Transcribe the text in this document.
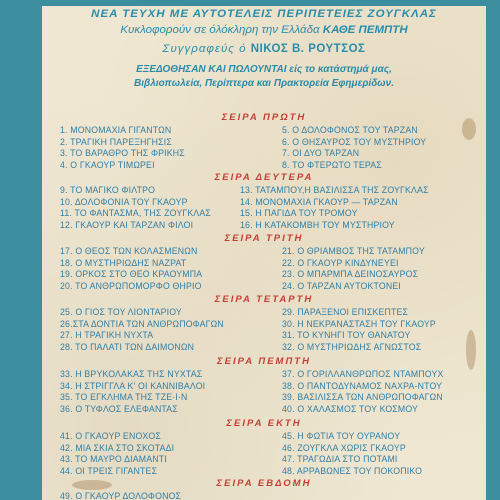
ΝΕΑ ΤΕΥΧΗ ΜΕ ΑΥΤΟΤΕΛΕΙΣ ΠΕΡΙΠΕΤΕΙΕΣ ΖΟΥΓΚΛΑΣ
Κυκλοφορούν σε όλόκληρη την Ελλάδα ΚΑΘΕ ΠΕΜΠΤΗ
Συγγραφεύς ό ΝΙΚΟΣ Β. ΡΟΥΤΣΟΣ
ΕΞΕΔΟΘΗΣΑΝ ΚΑΙ ΠΩΛΟΥΝΤΑΙ είς το κατάστημά μας,
Βιβλιοπωλεία, Περίπτερα και Πρακτορεία Εφημερίδων.
ΣΕΙΡΑ ΠΡΩΤΗ
1. ΜΟΝΟΜΑΧΙΑ ΓΙΓΑΝΤΩΝ
2. ΤΡΑΓΙΚΗ ΠΑΡΕΞΗΓΗΣΙΣ
3. ΤΟ ΒΑΡΑΘΡΟ ΤΗΣ ΦΡΙΚΗΣ
4. Ο ΓΚΑΟΥΡ ΤΙΜΩΡΕΙ
5. Ο ΔΟΛΟΦΟΝΟΣ ΤΟΥ ΤΑΡΖΑΝ
6. Ο ΘΗΣΑΥΡΟΣ ΤΟΥ ΜΥΣΤΗΡΙΟΥ
7. ΟΙ ΔΥΟ ΤΑΡΖΑΝ
8. ΤΟ ΦΤΕΡΩΤΟ ΤΕΡΑΣ
ΣΕΙΡΑ ΔΕΥΤΕΡΑ
9. ΤΟ ΜΑΓΙΚΟ ΦΙΛΤΡΟ
10. ΔΟΛΟΦΟΝΙΑ ΤΟΥ ΓΚΑΟΥΡ
11. ΤΟ ΦΑΝΤΑΣΜΑ, ΤΗΣ ΖΟΥΓΚΛΑΣ
12. ΓΚΑΟΥΡ ΚΑΙ ΤΑΡΖΑΝ ΦΙΛΟΙ
13. ΤΑΤΑΜΠΟΥ,Η ΒΑΣΙΛΙΣΣΑ ΤΗΣ ΖΟΥΓΚΛΑΣ
14. ΜΟΝΟΜΑΧΙΑ ΓΚΑΟΥΡ — ΤΑΡΖΑΝ
15. Η ΠΑΓΙΔΑ ΤΟΥ ΤΡΟΜΟΥ
16. Η ΚΑΤΑΚΟΜΒΗ ΤΟΥ ΜΥΣΤΗΡΙΟΥ
ΣΕΙΡΑ ΤΡΙΤΗ
17. Ο ΘΕΟΣ ΤΩΝ ΚΟΛΑΣΜΕΝΩΝ
18. Ο ΜΥΣΤΗΡΙΩΔΗΣ ΝΑΖΡΑΤ
19. ΟΡΚΟΣ ΣΤΟ ΘΕΟ ΚΡΑΟΥΜΠΑ
20. ΤΟ ΑΝΘΡΩΠΟΜΟΡΦΟ ΘΗΡΙΟ
21. Ο ΘΡΙΑΜΒΟΣ ΤΗΣ ΤΑΤΑΜΠΟΥ
22. Ο ΓΚΑΟΥΡ ΚΙΝΔΥΝΕΥΕΙ
23. Ο ΜΠΑΡΜΠΑ ΔΕΙΝΟΣΑΥΡΟΣ
24. Ο ΤΑΡΖΑΝ ΑΥΤΟΚΤΟΝΕΙ
ΣΕΙΡΑ ΤΕΤΑΡΤΗ
25. Ο ΓΙΟΣ ΤΟΥ ΛΙΟΝΤΑΡΙΟΥ
26.ΣΤΑ ΔΟΝΤΙΑ ΤΩΝ ΑΝΘΡΩΠΟΦΑΓΩΝ
27. Η ΤΡΑΓΙΚΗ ΝΥΧΤΑ
28. ΤΟ ΠΑΛΑΤΙ ΤΩΝ ΔΑΙΜΟΝΩΝ
29. ΠΑΡΑΞΕΝΟΙ ΕΠΙΣΚΕΠΤΕΣ
30. Η ΝΕΚΡΑΝΑΣΤΑΣΗ ΤΟΥ ΓΚΑΟΥΡ
31. ΤΟ ΚΥΝΗΓΙ ΤΟΥ ΘΑΝΑΤΟΥ
32. Ο ΜΥΣΤΗΡΙΩΔΗΣ ΑΓΝΩΣΤΟΣ
ΣΕΙΡΑ ΠΕΜΠΤΗ
33. Η ΒΡΥΚΟΛΑΚΑΣ ΤΗΣ ΝΥΧΤΑΣ
34. Η ΣΤΡΙΓΓΛΑ Κ' ΟΙ ΚΑΝΝΙΒΑΛΟΙ
35. ΤΟ ΕΓΚΛΗΜΑ ΤΗΣ ΤΖΕ·Ι·Ν
36. Ο ΤΥΦΛΟΣ ΕΛΕΦΑΝΤΑΣ
37. Ο ΓΟΡΙΛΛΑΝΘΡΩΠΟΣ ΝΤΑΜΠΟΥΧ
38. Ο ΠΑΝΤΟΔΥΝΑΜΟΣ ΝΑΧΡΑ-ΝΤΟΥ
39. ΒΑΣΙΛΙΣΣΑ ΤΩΝ ΑΝΘΡΩΠΟΦΑΓΩΝ
40. Ο ΧΑΛΑΣΜΟΣ ΤΟΥ ΚΟΣΜΟΥ
ΣΕΙΡΑ ΕΚΤΗ
41. Ο ΓΚΑΟΥΡ ΕΝΟΧΟΣ
42. ΜΙΑ ΣΚΙΑ ΣΤΟ ΣΚΟΤΑΔΙ
43. ΤΟ ΜΑΥΡΟ ΔΙΑΜΑΝΤΙ
44. ΟΙ ΤΡΕΙΣ ΓΙΓΑΝΤΕΣ
45. Η ΦΩΤΙΑ ΤΟΥ ΟΥΡΑΝΟΥ
46. ΖΟΥΓΚΛΑ ΧΩΡΙΣ ΓΚΑΟΥΡ
47. ΤΡΑΓΩΔΙΑ ΣΤΟ ΠΟΤΑΜΙ
48. ΑΡΡΑΒΩΝΕΣ ΤΟΥ ΠΟΚΟΠΙΚΟ
ΣΕΙΡΑ ΕΒΔΟΜΗ
49. Ο ΓΚΑΟΥΡ ΔΟΛΟΦΟΝΟΣ
